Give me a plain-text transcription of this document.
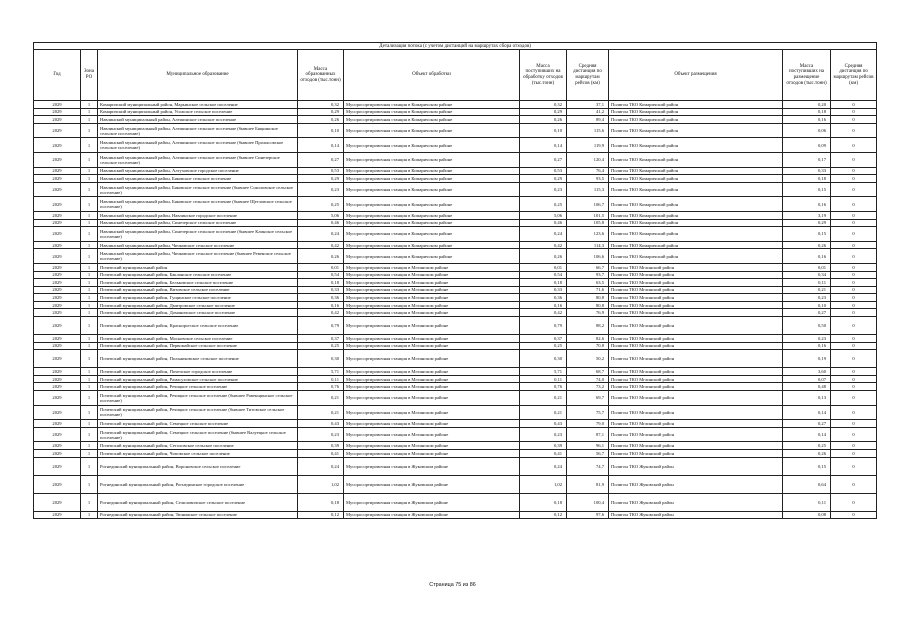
Детализация потока (с учетом дистанций на маршрутах сбора отходов)									
Год	Зона РО	Муниципальное образование	Масса образованных отходов (тыс.тонн)	Объект обработки	Масса поступивших на обработку отходов (тыс.тонн)	Средняя дистанция по маршрутам рейсов (км)	Объект размещения	Масса поступивших на размещение отходов (тыс.тонн)	Средняя дистанция по маршрутам рейсов (км)
2029	1	Комаричский муниципальный район, Марьинское сельское поселение	0,32	Мусоросортировочная станция в Комаричском районе	0,32	37,1	Полигон ТКО Комаричский район	0,20	0
2029	1	Комаричский муниципальный район, Усожское сельское поселение	0,29	Мусоросортировочная станция в Комаричском районе	0,29	41,2	Полигон ТКО Комаричский район	0,18	0
2029	1	Навлинский муниципальный район, Алешинское сельское поселение	0,26	Мусоросортировочная станция в Комаричском районе	0,26	89,4	Полигон ТКО Комаричский район	0,16	0
2029	1	Навлинский муниципальный район, Алешинское сельское поселение (бывшее Бяцкинское сельское поселение)	0,10	Мусоросортировочная станция в Комаричском районе	0,10	115,6	Полигон ТКО Комаричский район	0,06	0
2029	1	Навлинский муниципальный район, Алешинское сельское поселение (бывшее Пролысовское сельское поселение)	0,14	Мусоросортировочная станция в Комаричском районе	0,14	119,9	Полигон ТКО Комаричский район	0,09	0
2029	1	Навлинский муниципальный район, Алешинское сельское поселение (бывшее Синезерское сельское поселение)	0,27	Мусоросортировочная станция в Комаричском районе	0,27	120,4	Полигон ТКО Комаричский район	0,17	0
2029	1	Навлинский муниципальный район, Алтуховское городское поселение	0,53	Мусоросортировочная станция в Комаричском районе	0,53	76,4	Полигон ТКО Комаричский район	0,33	0
2029	1	Навлинский муниципальный район, Бяковское сельское поселение	0,29	Мусоросортировочная станция в Комаричском районе	0,29	93,5	Полигон ТКО Комаричский район	0,18	0
2029	1	Навлинский муниципальный район, Бяковское сельское поселение (бывшее Соколовское сельское поселение)	0,23	Мусоросортировочная станция в Комаричском районе	0,23	115,3	Полигон ТКО Комаричский район	0,15	0
2029	1	Навлинский муниципальный район, Бяковское сельское поселение (бывшее Щегловское сельское поселение)	0,25	Мусоросортировочная станция в Комаричском районе	0,25	106,7	Полигон ТКО Комаричский район	0,16	0
2029	1	Навлинский муниципальный район, Навлинское городское поселение	5,06	Мусоросортировочная станция в Комаричском районе	5,06	101,5	Полигон ТКО Комаричский район	3,19	0
2029	1	Навлинский муниципальный район, Синезерское сельское поселение	0,46	Мусоросортировочная станция в Комаричском районе	0,46	105,8	Полигон ТКО Комаричский район	0,29	0
2029	1	Навлинский муниципальный район, Синезерское сельское поселение (бывшее Клинское сельское поселение)	0,24	Мусоросортировочная станция в Комаричском районе	0,24	123,6	Полигон ТКО Комаричский район	0,15	0
2029	1	Навлинский муниципальный район, Чичковское сельское поселение	0,42	Мусоросортировочная станция в Комаричском районе	0,42	114,3	Полигон ТКО Комаричский район	0,26	0
2029	1	Навлинский муниципальный район, Чичковское сельское поселение (бывшее Ревенское сельское поселение)	0,26	Мусоросортировочная станция в Комаричском районе	0,26	106,6	Полигон ТКО Комаричский район	0,16	0
2029	1	Почепский муниципальный район	0,01	Мусоросортировочная станция в Мглинском районе	0,01	66,7	Полигон ТКО Мглинский район	0,01	0
2029	1	Почепский муниципальный район, Бакланское сельское поселение	0,54	Мусоросортировочная станция в Мглинском районе	0,54	93,7	Полигон ТКО Мглинский район	0,34	0
2029	1	Почепский муниципальный район, Бельковское сельское поселение	0,18	Мусоросортировочная станция в Мглинском районе	0,18	63,5	Полигон ТКО Мглинский район	0,11	0
2029	1	Почепский муниципальный район, Витовское сельское поселение	0,33	Мусоросортировочная станция в Мглинском районе	0,33	71,6	Полигон ТКО Мглинский район	0,21	0
2029	1	Почепский муниципальный район, Гущинское сельское поселение	0,36	Мусоросортировочная станция в Мглинском районе	0,36	80,8	Полигон ТКО Мглинский район	0,23	0
2029	1	Почепский муниципальный район, Дмитровское сельское поселение	0,16	Мусоросортировочная станция в Мглинском районе	0,16	80,8	Полигон ТКО Мглинский район	0,10	0
2029	1	Почепский муниципальный район, Доманичское сельское поселение	0,42	Мусоросортировочная станция в Мглинском районе	0,42	76,9	Полигон ТКО Мглинский район	0,27	0
2029	1	Почепский муниципальный район, Краснорогское сельское поселение	0,79	Мусоросортировочная станция в Мглинском районе	0,79	88,2	Полигон ТКО Мглинский район	0,50	0
2029	1	Почепский муниципальный район, Московское сельское поселение	0,37	Мусоросортировочная станция в Мглинском районе	0,37	82,6	Полигон ТКО Мглинский район	0,23	0
2029	1	Почепский муниципальный район, Первомайское сельское поселение	0,25	Мусоросортировочная станция в Мглинском районе	0,25	70,8	Полигон ТКО Мглинский район	0,16	0
2029	1	Почепский муниципальный район, Польниковское сельское поселение	0,30	Мусоросортировочная станция в Мглинском районе	0,30	50,2	Полигон ТКО Мглинский район	0,19	0
2029	1	Почепский муниципальный район, Почепское городское поселение	5,71	Мусоросортировочная станция в Мглинском районе	5,71	68,7	Полигон ТКО Мглинский район	3,60	0
2029	1	Почепский муниципальный район, Рамасуховское сельское поселение	0,11	Мусоросортировочная станция в Мглинском районе	0,11	74,0	Полигон ТКО Мглинский район	0,07	0
2029	1	Почепский муниципальный район, Речицкое сельское поселение	0,76	Мусоросортировочная станция в Мглинском районе	0,76	73,2	Полигон ТКО Мглинский район	0,48	0
2029	1	Почепский муниципальный район, Речицкое сельское поселение (бывшее Равенщинское сельское поселение)	0,21	Мусоросортировочная станция в Мглинском районе	0,21	69,7	Полигон ТКО Мглинский район	0,13	0
2029	1	Почепский муниципальный район, Речицкое сельское поселение (бывшее Титовское сельское поселение)	0,21	Мусоросортировочная станция в Мглинском районе	0,21	75,7	Полигон ТКО Мглинский район	0,14	0
2029	1	Почепский муниципальный район, Семецкое сельское поселение	0,43	Мусоросортировочная станция в Мглинском районе	0,43	79,0	Полигон ТКО Мглинский район	0,27	0
2029	1	Почепский муниципальный район, Семецкое сельское поселение (бывшее Валуецкое сельское поселение)	0,23	Мусоросортировочная станция в Мглинском районе	0,23	87,1	Полигон ТКО Мглинский район	0,14	0
2029	1	Почепский муниципальный район, Сетоловское сельское поселение	0,39	Мусоросортировочная станция в Мглинском районе	0,39	96,1	Полигон ТКО Мглинский район	0,25	0
2029	1	Почепский муниципальный район, Чоповское сельское поселение	0,41	Мусоросортировочная станция в Мглинском районе	0,41	56,7	Полигон ТКО Мглинский район	0,26	0
2029	1	Рогнединский муниципальный район, Вороновское сельское поселение	0,24	Мусоросортировочная станция в Жуковском районе	0,24	74,7	Полигон ТКО Жуковский район	0,15	0
2029	1	Рогнединский муниципальный район, Рогнединское городское поселение	1,02	Мусоросортировочная станция в Жуковском районе	1,02	81,9	Полигон ТКО Жуковский район	0,64	0
2029	1	Рогнединский муниципальный район, Селиловичское сельское поселение	0,18	Мусоросортировочная станция в Жуковском районе	0,18	100,4	Полигон ТКО Жуковский район	0,11	0
2029	1	Рогнединский муниципальный район, Тюнинское сельское поселение	0,12	Мусоросортировочная станция в Жуковском районе	0,12	97,6	Полигон ТКО Жуковский район	0,08	0
Страница 75 из 86
